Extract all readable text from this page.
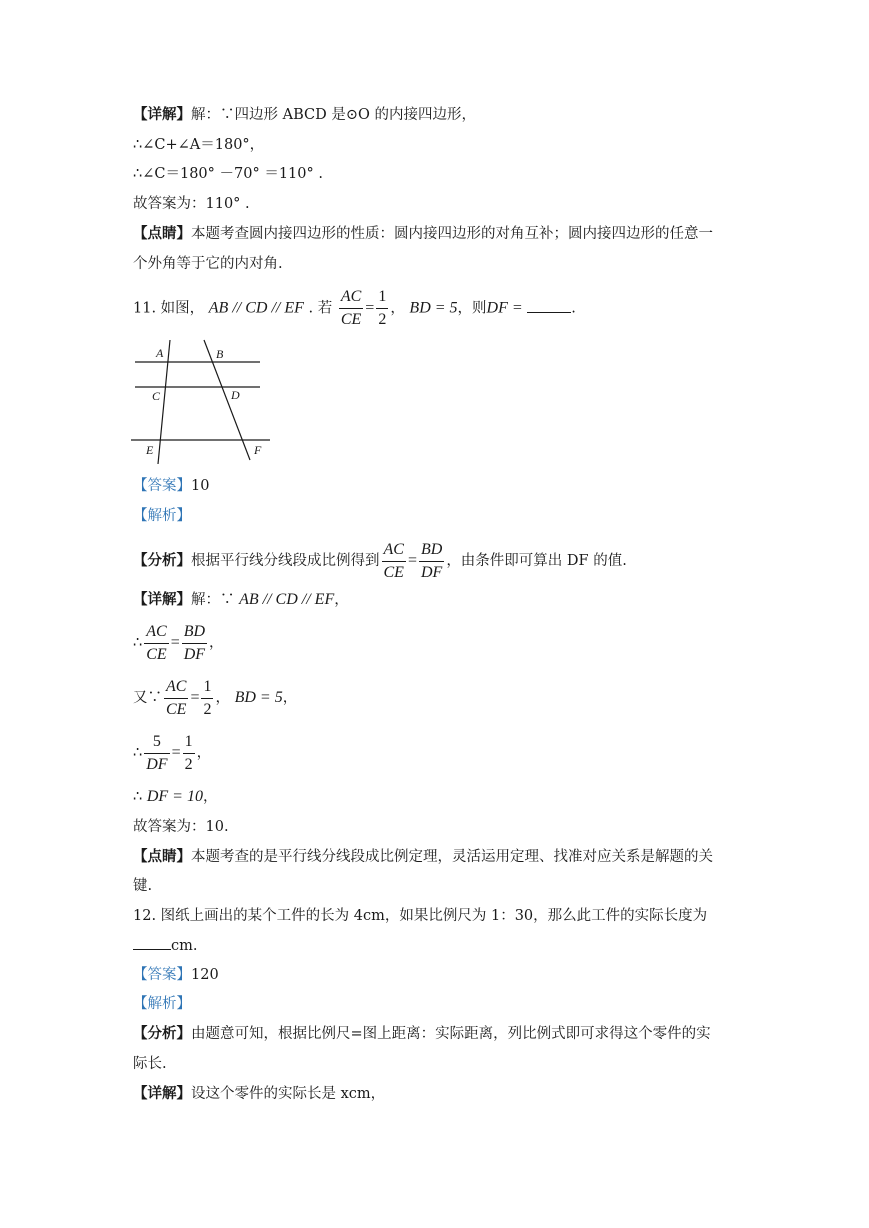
【详解】解：∵四边形 ABCD 是⊙O 的内接四边形，
∴∠C+∠A＝180°，
∴∠C＝180° －70° ＝110° .
故答案为：110° .
【点睛】本题考查圆内接四边形的性质：圆内接四边形的对角互补；圆内接四边形的任意一
个外角等于它的内对角.
11. 如图， AB // CD // EF . 若 $\frac{AC}{CE} = \frac{1}{2}$ ， BD = 5，则DF =	.
A	B
C	D
E	F
【答案】10
【解析】
【分析】根据平行线分线段成比例得到 $\frac{AC}{CE} = \frac{BD}{DF}$ ，由条件即可算出 DF 的值.
【详解】解：∵ AB // CD // EF，
∴ $\frac{AC}{CE} = \frac{BD}{DF}$ ，
又∵ $\frac{AC}{CE} = \frac{1}{2}$ ， BD = 5，
∴ $\frac{5}{DF} = \frac{1}{2}$ ，
∴ DF = 10，
故答案为：10.
【点睛】本题考查的是平行线分线段成比例定理，灵活运用定理、找准对应关系是解题的关
键.
12. 图纸上画出的某个工件的长为 4cm，如果比例尺为 1：30，那么此工件的实际长度为
cm.
【答案】120
【解析】
【分析】由题意可知，根据比例尺=图上距离：实际距离，列比例式即可求得这个零件的实
际长.
【详解】设这个零件的实际长是 xcm，
